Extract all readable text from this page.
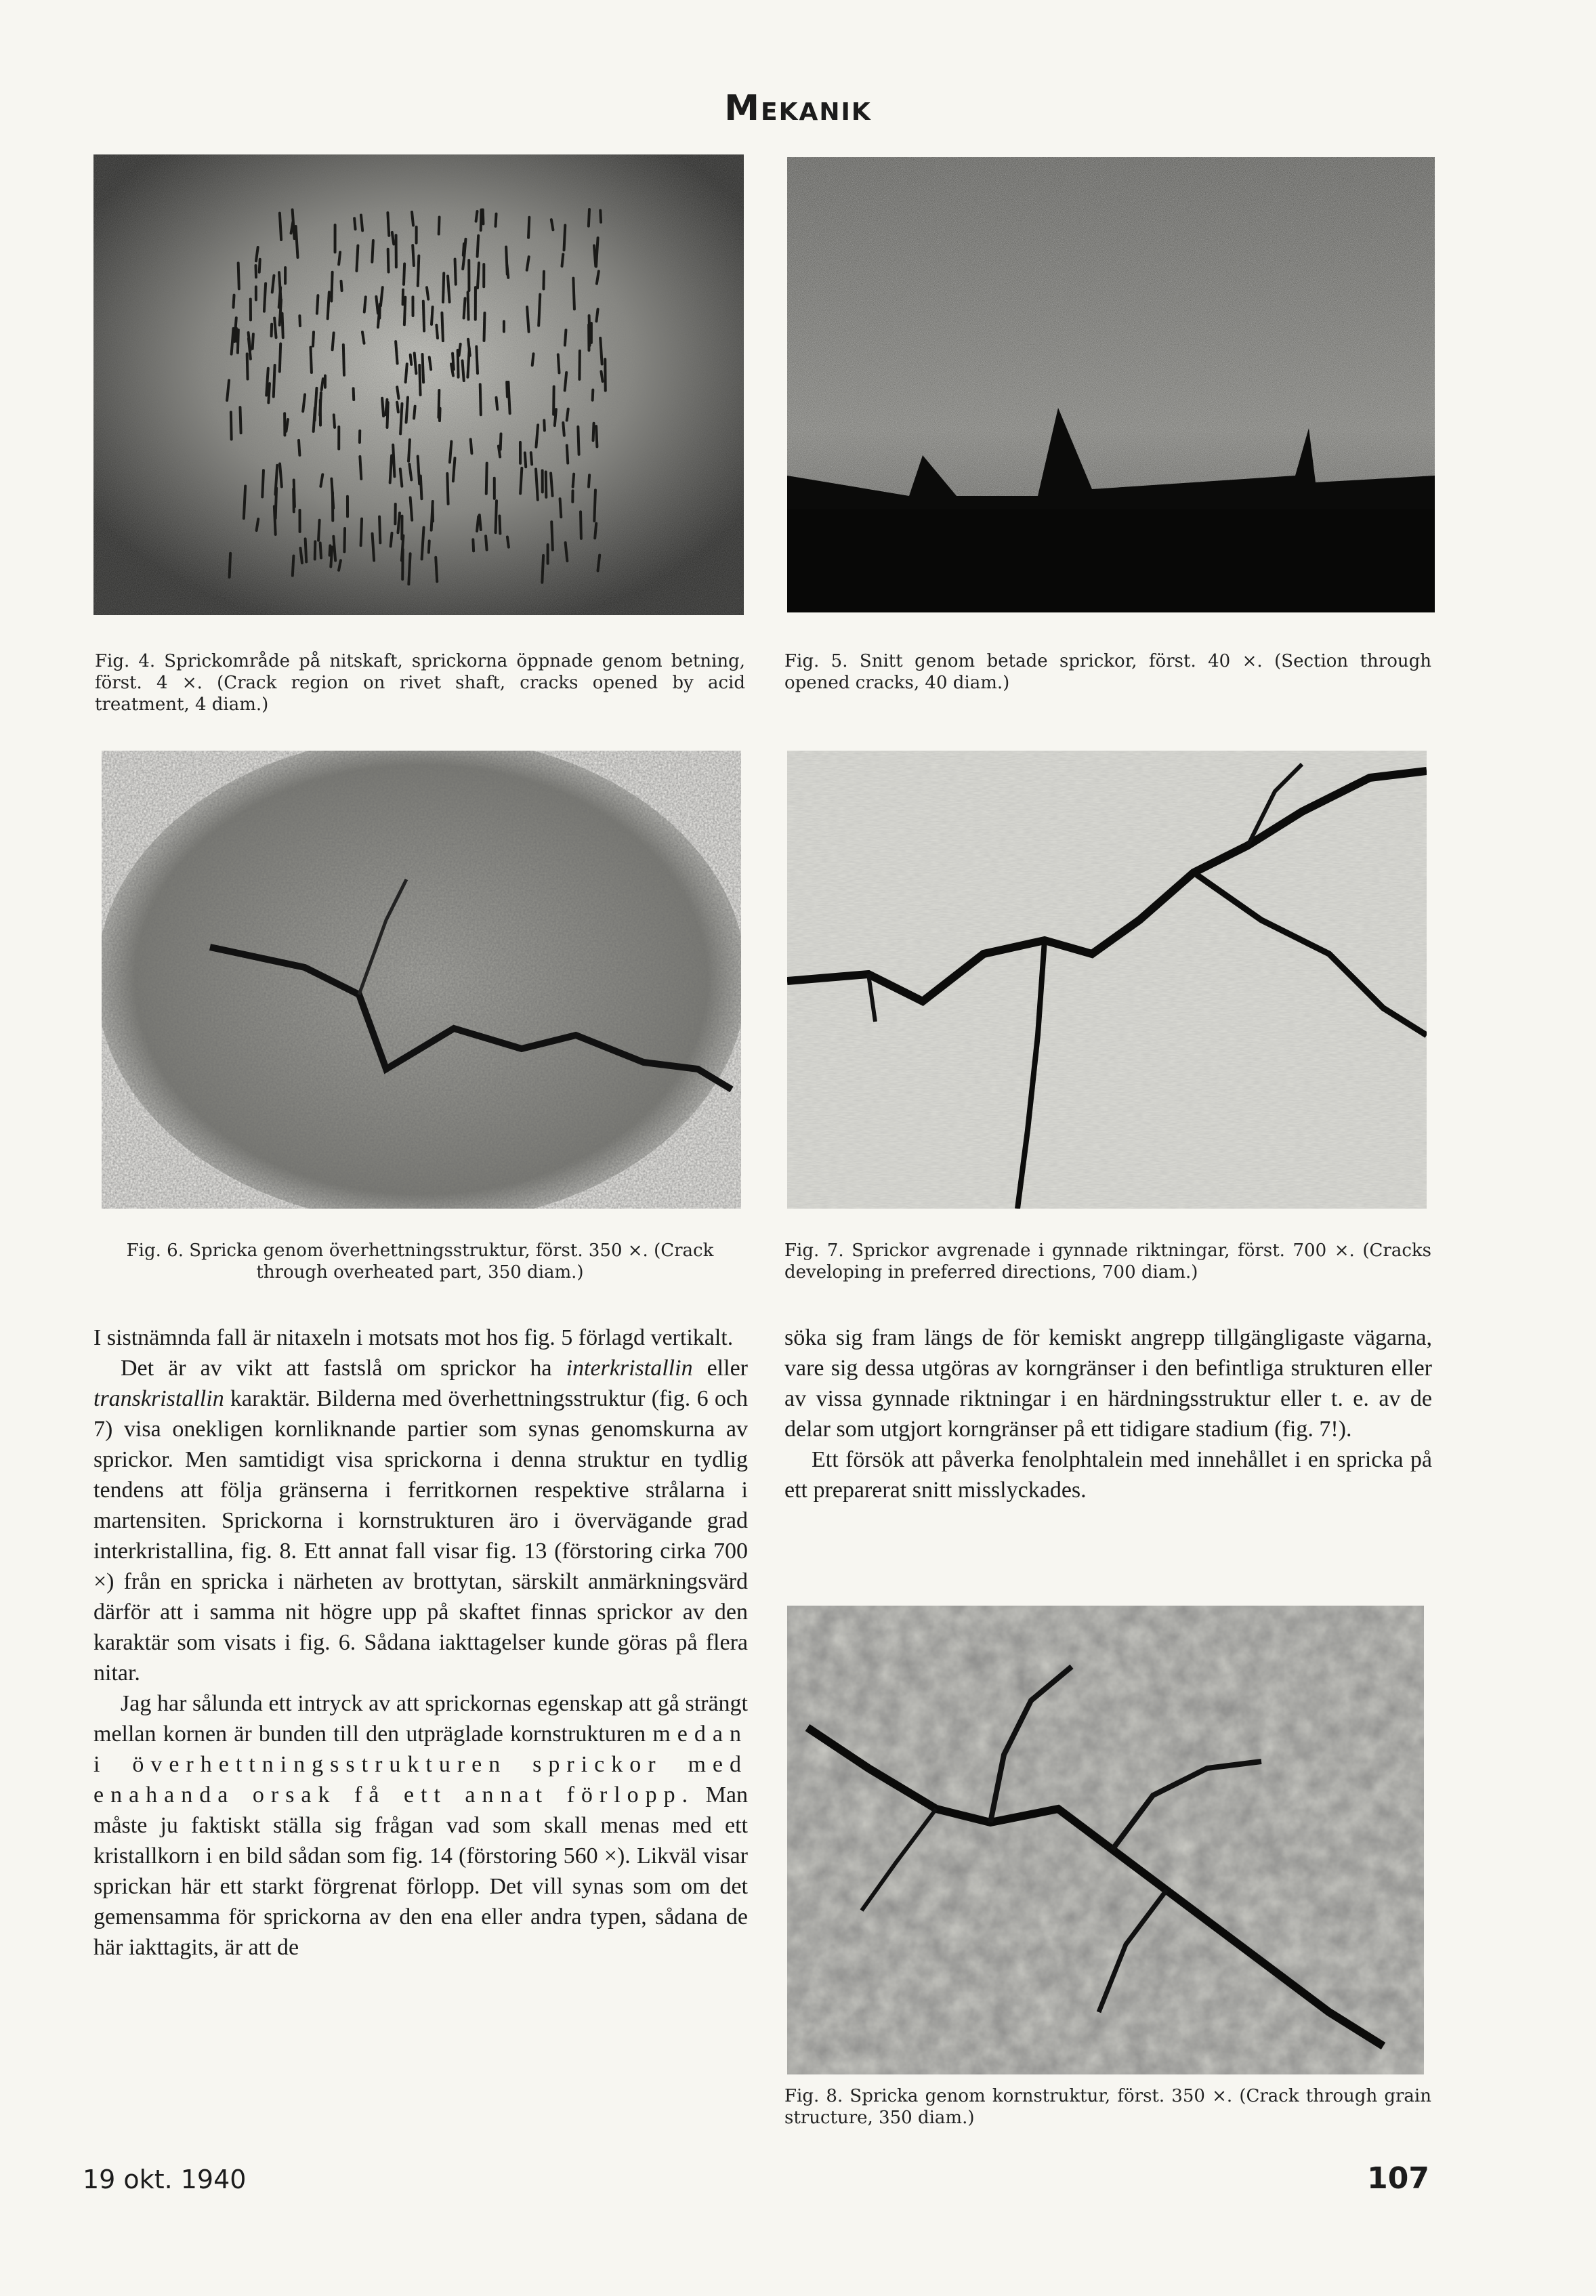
Mekanik
Fig. 4. Sprickområde på nitskaft, sprickorna öppnade genom betning, först. 4 ×. (Crack region on rivet shaft, cracks opened by acid treatment, 4 diam.)
Fig. 5. Snitt genom betade sprickor, först. 40 ×. (Section through opened cracks, 40 diam.)
Fig. 6. Spricka genom överhettningsstruktur, först. 350 ×. (Crack through overheated part, 350 diam.)
Fig. 7. Sprickor avgrenade i gynnade riktningar, först. 700 ×. (Cracks developing in preferred directions, 700 diam.)
Fig. 8. Spricka genom kornstruktur, först. 350 ×. (Crack through grain structure, 350 diam.)

I sistnämnda fall är nitaxeln i motsats mot hos fig. 5 förlagd vertikalt.

Det är av vikt att fastslå om sprickor ha interkristallin eller transkristallin karaktär. Bilderna med överhettningsstruktur (fig. 6 och 7) visa onekligen kornliknande partier som synas genomskurna av sprickor. Men samtidigt visa sprickorna i denna struktur en tydlig tendens att följa gränserna i ferritkornen respektive strålarna i martensiten. Sprickorna i kornstrukturen äro i övervägande grad interkristallina, fig. 8. Ett annat fall visar fig. 13 (förstoring cirka 700 ×) från en spricka i närheten av brottytan, särskilt anmärkningsvärd därför att i samma nit högre upp på skaftet finnas sprickor av den karaktär som visats i fig. 6. Sådana iakttagelser kunde göras på flera nitar.

Jag har sålunda ett intryck av att sprickornas egenskap att gå strängt mellan kornen är bunden till den utpräglade kornstrukturen medan i överhettningsstrukturen sprickor med enahanda orsak få ett annat förlopp. Man måste ju faktiskt ställa sig frågan vad som skall menas med ett kristallkorn i en bild sådan som fig. 14 (förstoring 560 ×). Likväl visar sprickan här ett starkt förgrenat förlopp. Det vill synas som om det gemensamma för sprickorna av den ena eller andra typen, sådana de här iakttagits, är att de

söka sig fram längs de för kemiskt angrepp tillgängligaste vägarna, vare sig dessa utgöras av korngränser i den befintliga strukturen eller av vissa gynnade riktningar i en härdningsstruktur eller t. e. av de delar som utgjort korngränser på ett tidigare stadium (fig. 7!).

Ett försök att påverka fenolphtalein med innehållet i en spricka på ett preparerat snitt misslyckades.

19 okt. 1940	107
